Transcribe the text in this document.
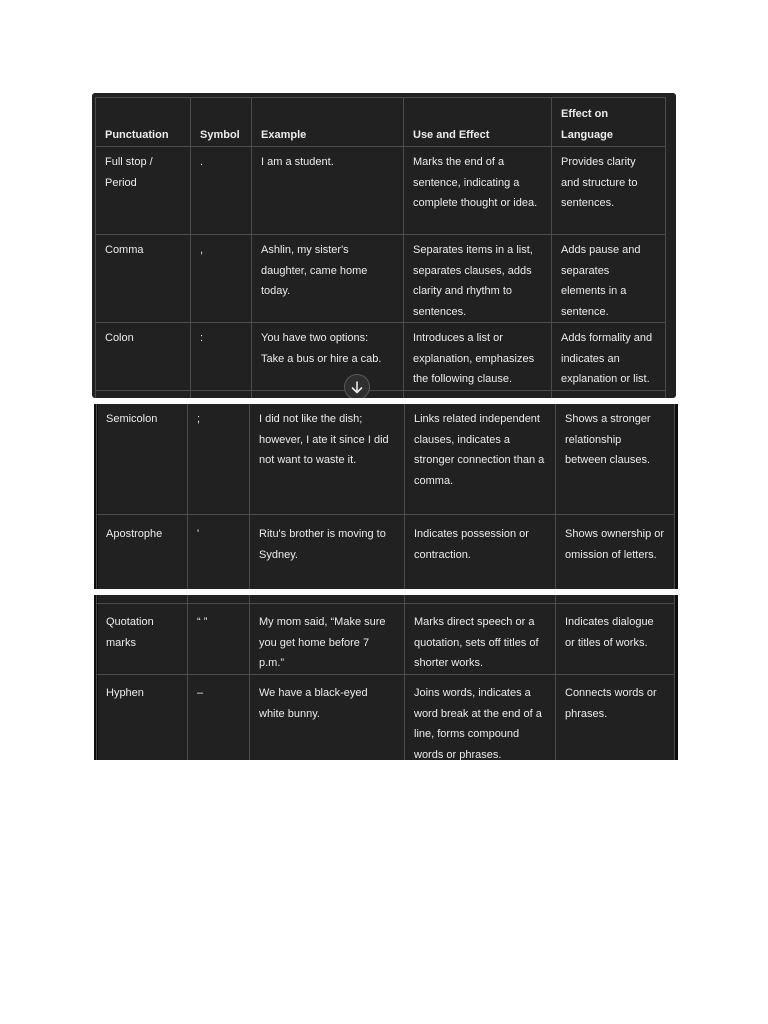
Punctuation	Symbol	Example	Use and Effect	Effect on Language
Full stop / Period	.	I am a student.	Marks the end of a sentence, indicating a complete thought or idea.	Provides clarity and structure to sentences.
Comma	,	Ashlin, my sister's daughter, came home today.	Separates items in a list, separates clauses, adds clarity and rhythm to sentences.	Adds pause and separates elements in a sentence.
Colon	:	You have two options: Take a bus or hire a cab.	Introduces a list or explanation, emphasizes the following clause.	Adds formality and indicates an explanation or list.

Semicolon	;	I did not like the dish; however, I ate it since I did not want to waste it.	Links related independent clauses, indicates a stronger connection than a comma.	Shows a stronger relationship between clauses.
Apostrophe	'	Ritu's brother is moving to Sydney.	Indicates possession or contraction.	Shows ownership or omission of letters.

Quotation marks	“ ”	My mom said, “Make sure you get home before 7 p.m.”	Marks direct speech or a quotation, sets off titles of shorter works.	Indicates dialogue or titles of works.
Hyphen	–	We have a black-eyed white bunny.	Joins words, indicates a word break at the end of a line, forms compound words or phrases.	Connects words or phrases.
